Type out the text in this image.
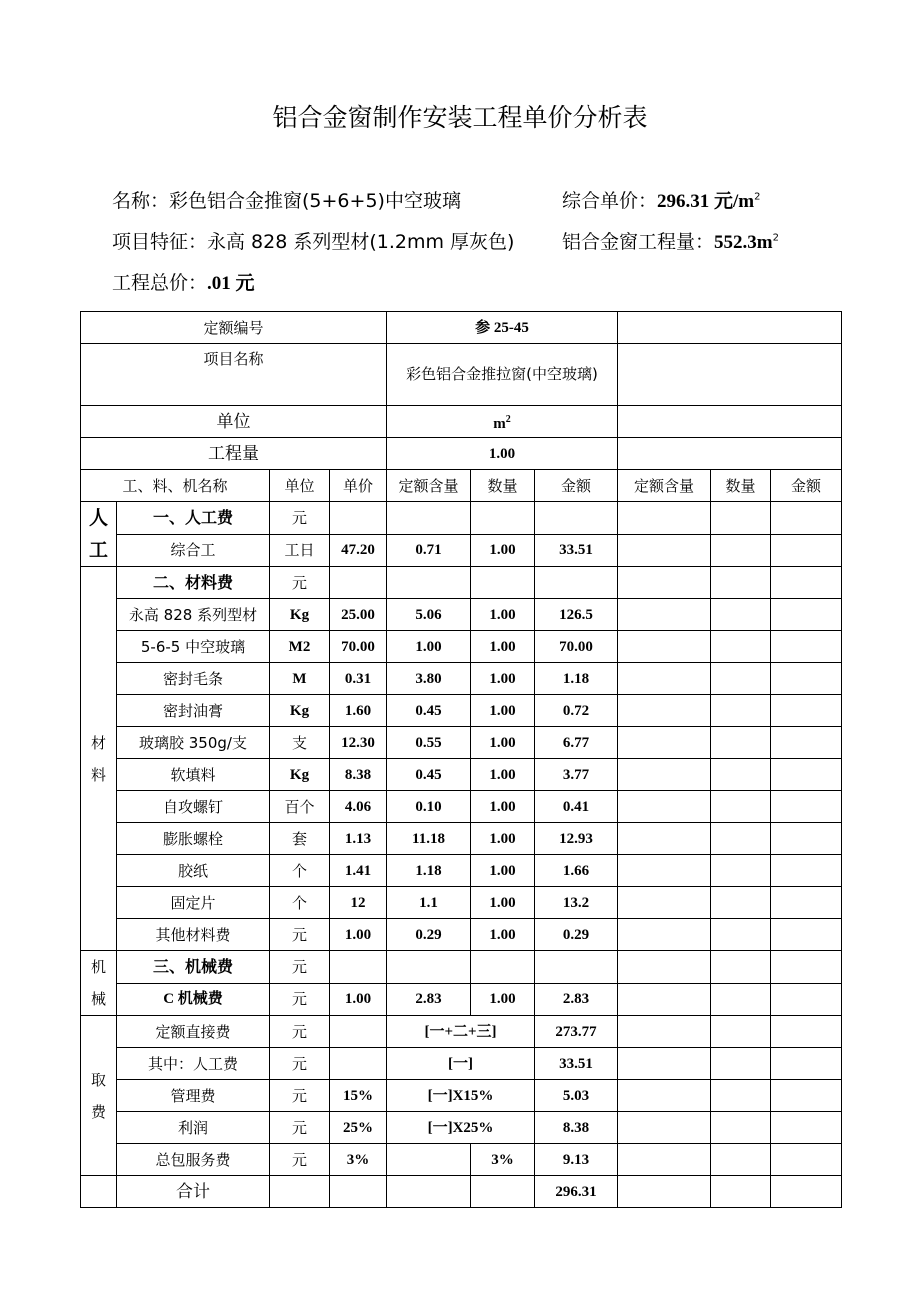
铝合金窗制作安装工程单价分析表
名称：彩色铝合金推窗(5+6+5)中空玻璃	综合单价：296.31 元$/m^2$
项目特征：永高 828 系列型材(1.2mm 厚灰色)	铝合金窗工程量：$552.3m^2$
工程总价：.01 元
定额编号				参 25-45					
项目名称				彩色铝合金推拉窗(中空玻璃)					
单位				$m^2$	
工程量				1.00					
工、料、机名称		单位	单价	定额含量	数量	金额	定额含量	数量	金额
人工	一、人工费	元							
	综合工	工日	47.20	0.71	1.00	33.51			
材料	二、材料费	元							
	永高 828 系列型材	Kg	25.00	5.06	1.00	126.5			
	5-6-5 中空玻璃	M2	70.00	1.00	1.00	70.00			
	密封毛条	M	0.31	3.80	1.00	1.18			
	密封油膏	Kg	1.60	0.45	1.00	0.72			
	玻璃胶 350g/支	支	12.30	0.55	1.00	6.77			
	软填料	Kg	8.38	0.45	1.00	3.77			
	自攻螺钉	百个	4.06	0.10	1.00	0.41			
	膨胀螺栓	套	1.13	11.18	1.00	12.93			
	胶纸	个	1.41	1.18	1.00	1.66			
	固定片	个	12	1.1	1.00	13.2			
	其他材料费	元	1.00	0.29	1.00	0.29			
机械	三、机械费	元							
	C 机械费	元	1.00	2.83	1.00	2.83			
取费	定额直接费	元		[一+二+三]		273.77			
	其中：人工费	元		[一]		33.51			
	管理费	元	15%	[一]X15%		5.03			
	利润	元	25%	[一]X25%		8.38			
	总包服务费	元	3%		3%	9.13			
	合计					296.31			
